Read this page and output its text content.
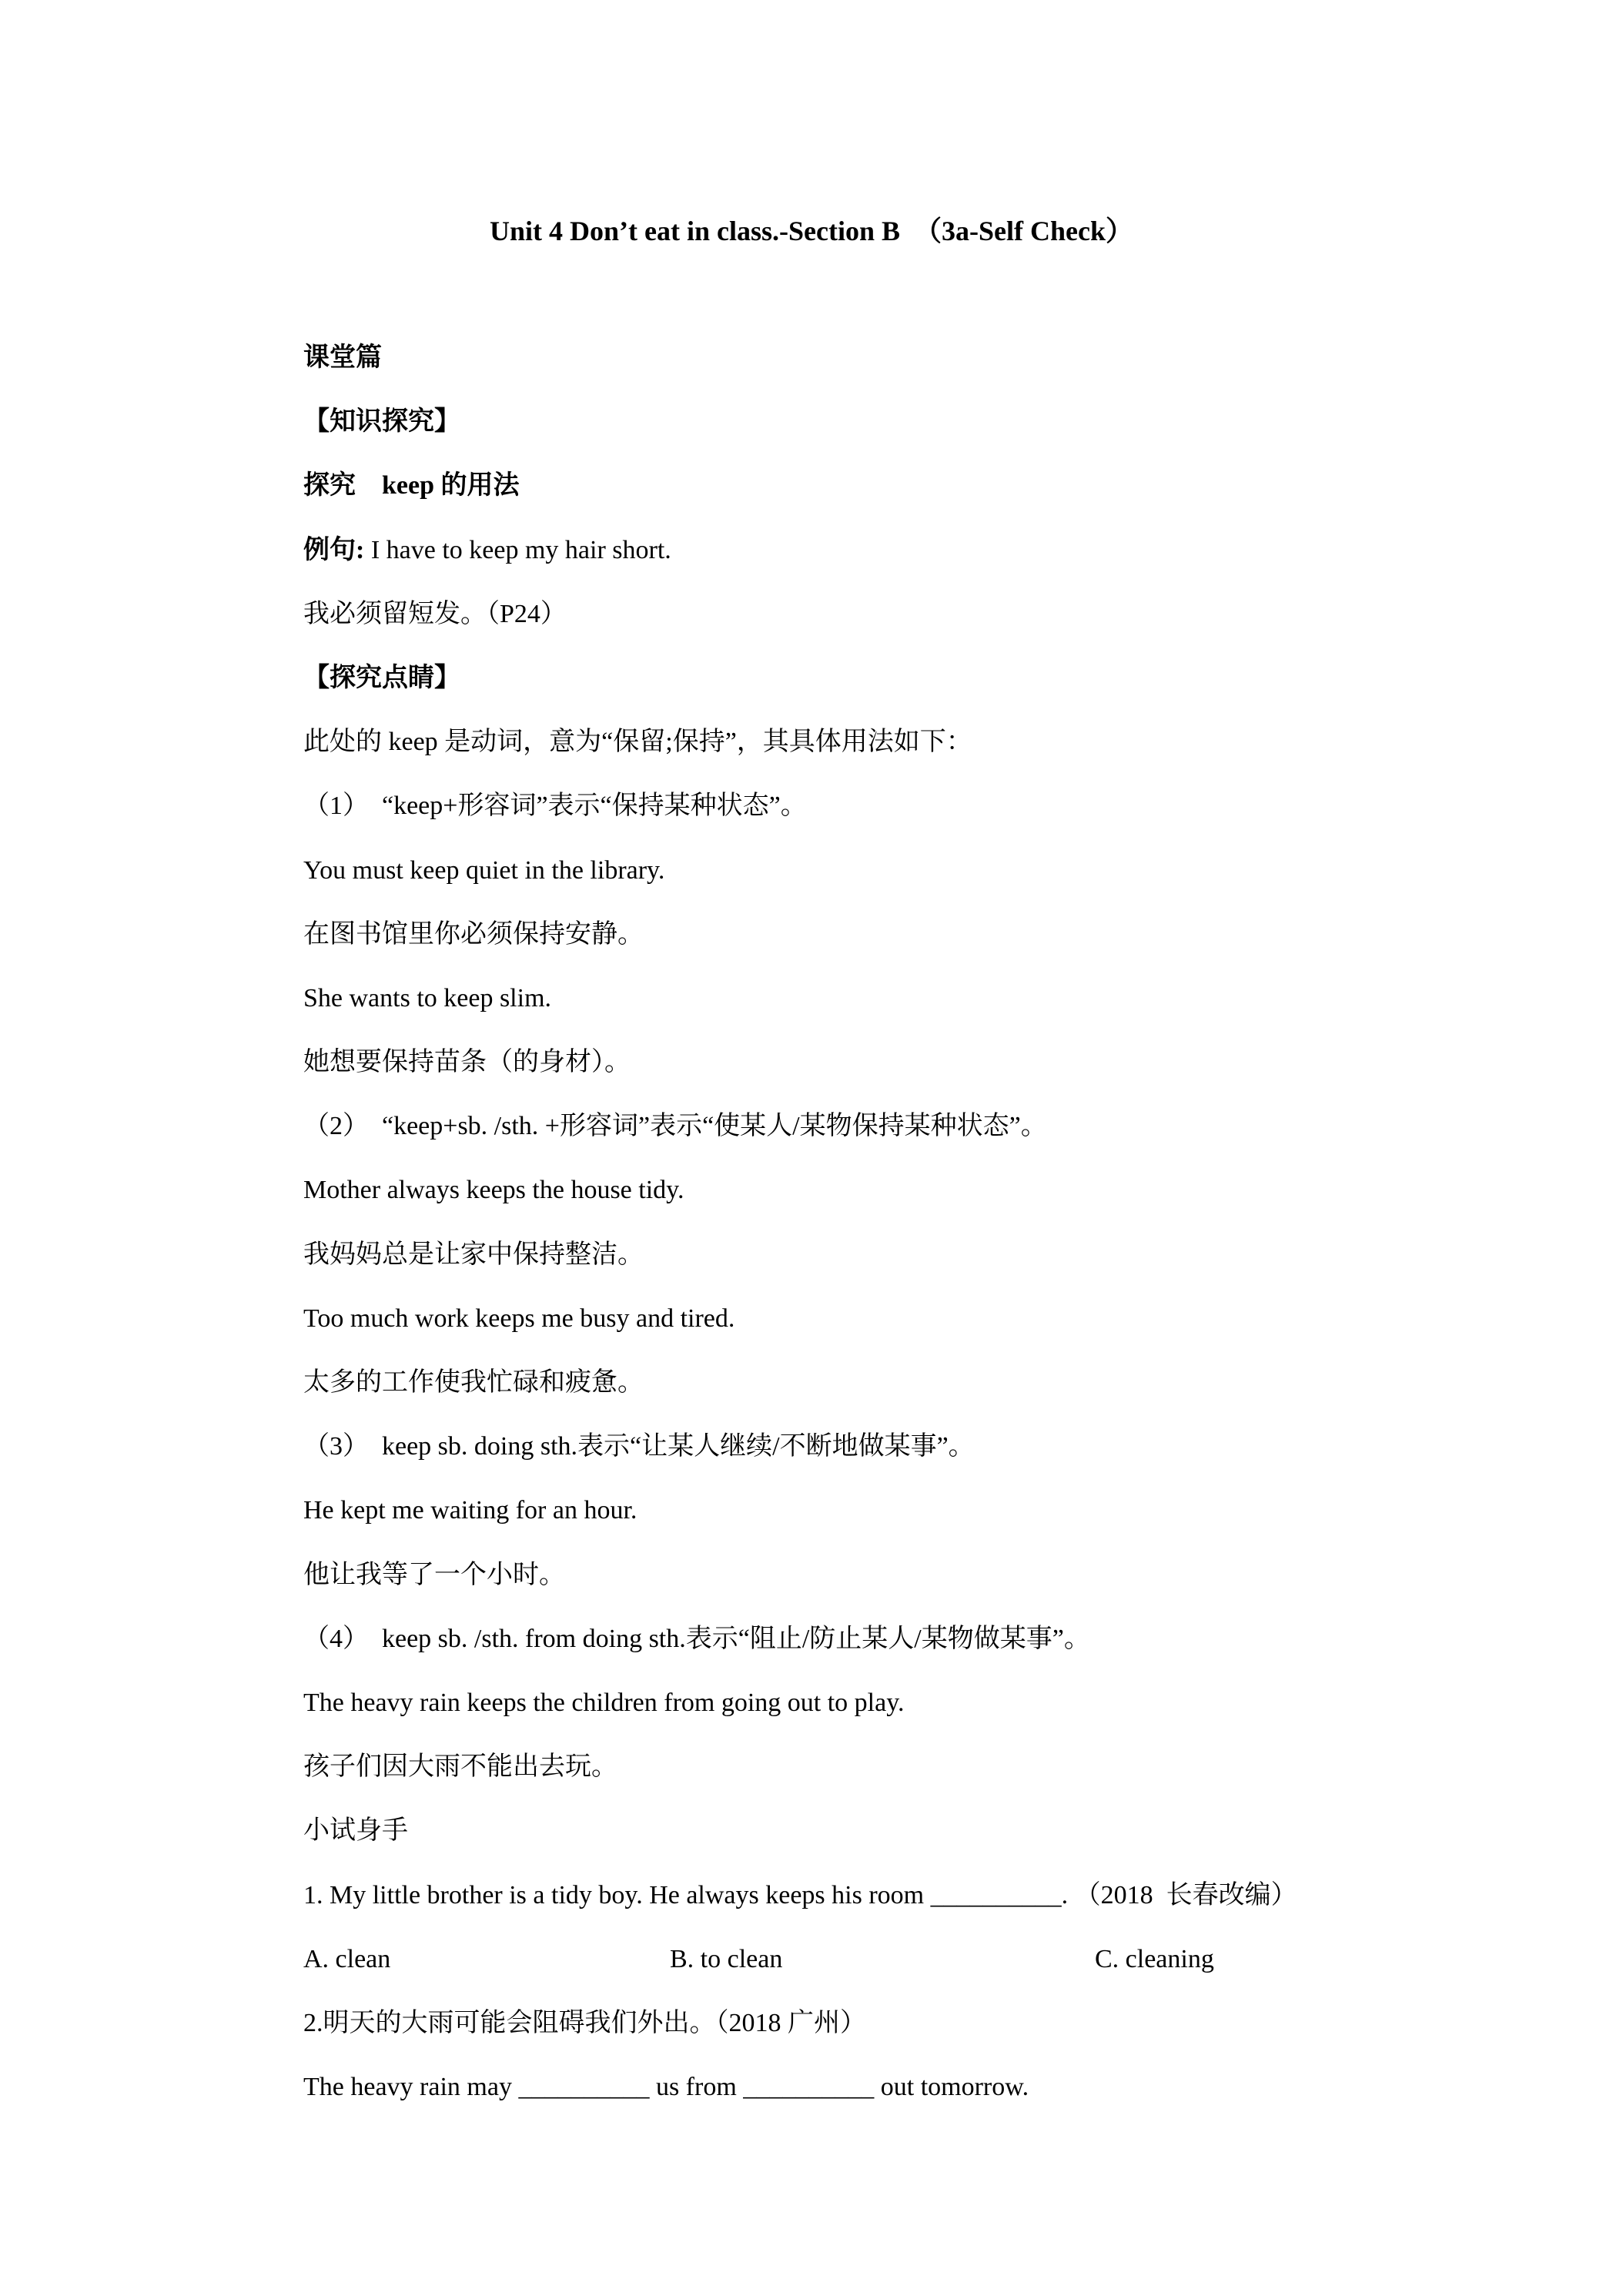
Unit 4 Don’t eat in class.-Section B  （3a-Self Check）
课堂篇
【知识探究】
探究 keep 的用法
例句: I have to keep my hair short.
我必须留短发。（P24）
【探究点睛】
此处的 keep 是动词，意为“保留;保持”，其具体用法如下：
（1）  “keep+形容词”表示“保持某种状态”。
You must keep quiet in the library.
在图书馆里你必须保持安静。
She wants to keep slim.
她想要保持苗条（的身材）。
（2）  “keep+sb. /sth. +形容词”表示“使某人/某物保持某种状态”。
Mother always keeps the house tidy.
我妈妈总是让家中保持整洁。
Too much work keeps me busy and tired.
太多的工作使我忙碌和疲惫。
（3）  keep sb. doing sth.表示“让某人继续/不断地做某事”。
He kept me waiting for an hour.
他让我等了一个小时。
（4）  keep sb. /sth. from doing sth.表示“阻止/防止某人/某物做某事”。
The heavy rain keeps the children from going out to play.
孩子们因大雨不能出去玩。
小试身手
1. My little brother is a tidy boy. He always keeps his room __________. （2018  长春改编）
A. clean	B. to clean	C. cleaning
2.明天的大雨可能会阻碍我们外出。（2018 广州）
The heavy rain may __________ us from __________ out tomorrow.
